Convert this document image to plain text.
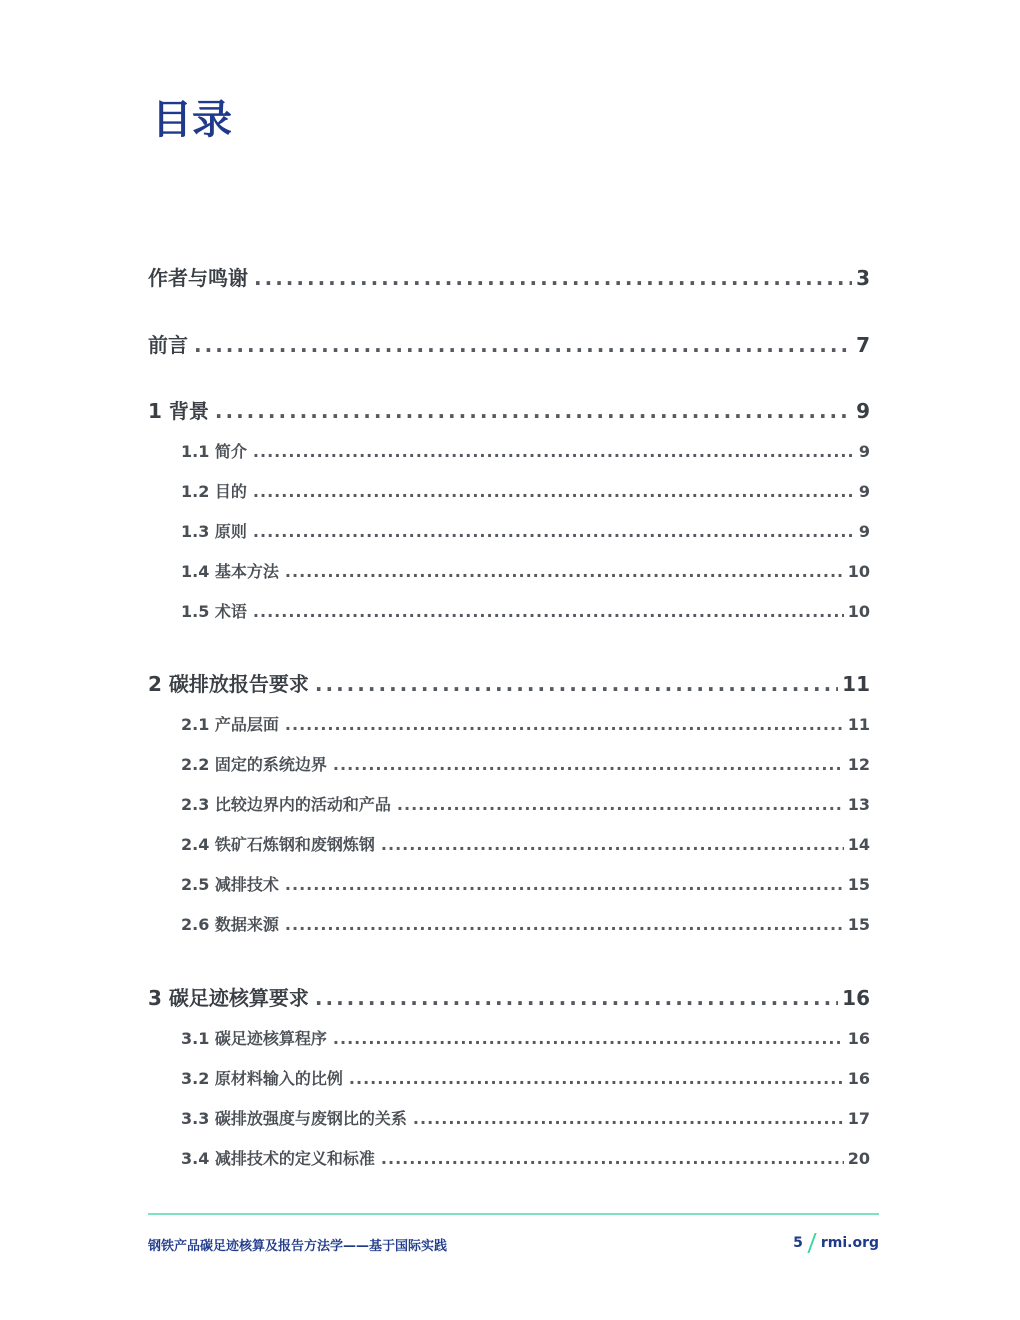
目录
作者与鸣谢 .....	3
前言 .....	7
1 背景 .....	9
1.1 简介 .....	9
1.2 目的 .....	9
1.3 原则 .....	9
1.4 基本方法 .....	10
1.5 术语 .....	10
2 碳排放报告要求 .....	11
2.1 产品层面 .....	11
2.2 固定的系统边界 .....	12
2.3 比较边界内的活动和产品 .....	13
2.4 铁矿石炼钢和废钢炼钢 .....	14
2.5 减排技术 .....	15
2.6 数据来源 .....	15
3 碳足迹核算要求 .....	16
3.1 碳足迹核算程序 .....	16
3.2 原材料输入的比例 .....	16
3.3 碳排放强度与废钢比的关系 .....	17
3.4 减排技术的定义和标准 .....	20
钢铁产品碳足迹核算及报告方法学——基于国际实践	5 rmi.org
